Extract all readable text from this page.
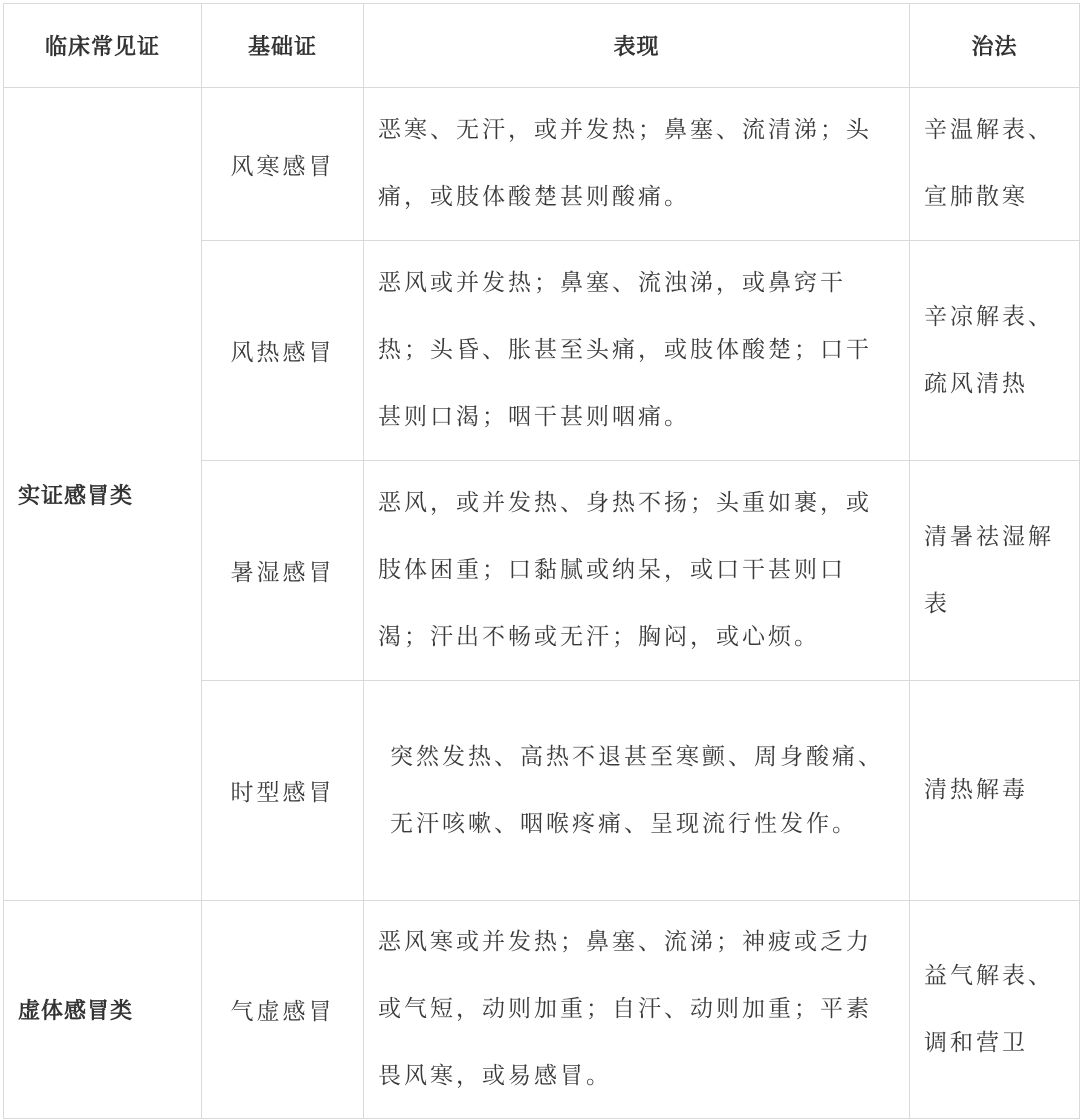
临床常见证	基础证	表现	治法
实证感冒类	风寒感冒	恶寒、无汗，或并发热；鼻塞、流清涕；头痛，或肢体酸楚甚则酸痛。	辛温解表、宣肺散寒
	风热感冒	恶风或并发热；鼻塞、流浊涕，或鼻窍干热；头昏、胀甚至头痛，或肢体酸楚；口干甚则口渴；咽干甚则咽痛。	辛凉解表、疏风清热
	暑湿感冒	恶风，或并发热、身热不扬；头重如裹，或肢体困重；口黏腻或纳呆，或口干甚则口渴；汗出不畅或无汗；胸闷，或心烦。	清暑祛湿解表
	时型感冒	突然发热、高热不退甚至寒颤、周身酸痛、无汗咳嗽、咽喉疼痛、呈现流行性发作。	清热解毒
虚体感冒类	气虚感冒	恶风寒或并发热；鼻塞、流涕；神疲或乏力或气短，动则加重；自汗、动则加重；平素畏风寒，或易感冒。	益气解表、调和营卫
